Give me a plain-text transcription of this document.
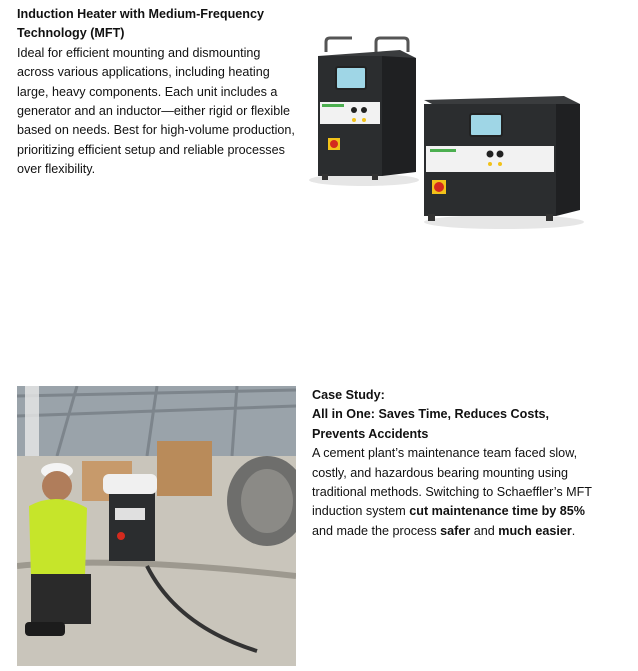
Induction Heater with Medium-Frequency Technology (MFT)

Ideal for efficient mounting and dismounting across various applications, including heating large, heavy components. Each unit includes a generator and an inductor—either rigid or flexible based on needs. Best for high-volume production, prioritizing efficient setup and reliable processes over flexibility.

Case Study:

All in One: Saves Time, Reduces Costs, Prevents Accidents

A cement plant’s maintenance team faced slow, costly, and hazardous bearing mounting using traditional methods. Switching to Schaeffler’s MFT induction system cut maintenance time by 85% and made the process safer and much easier.
